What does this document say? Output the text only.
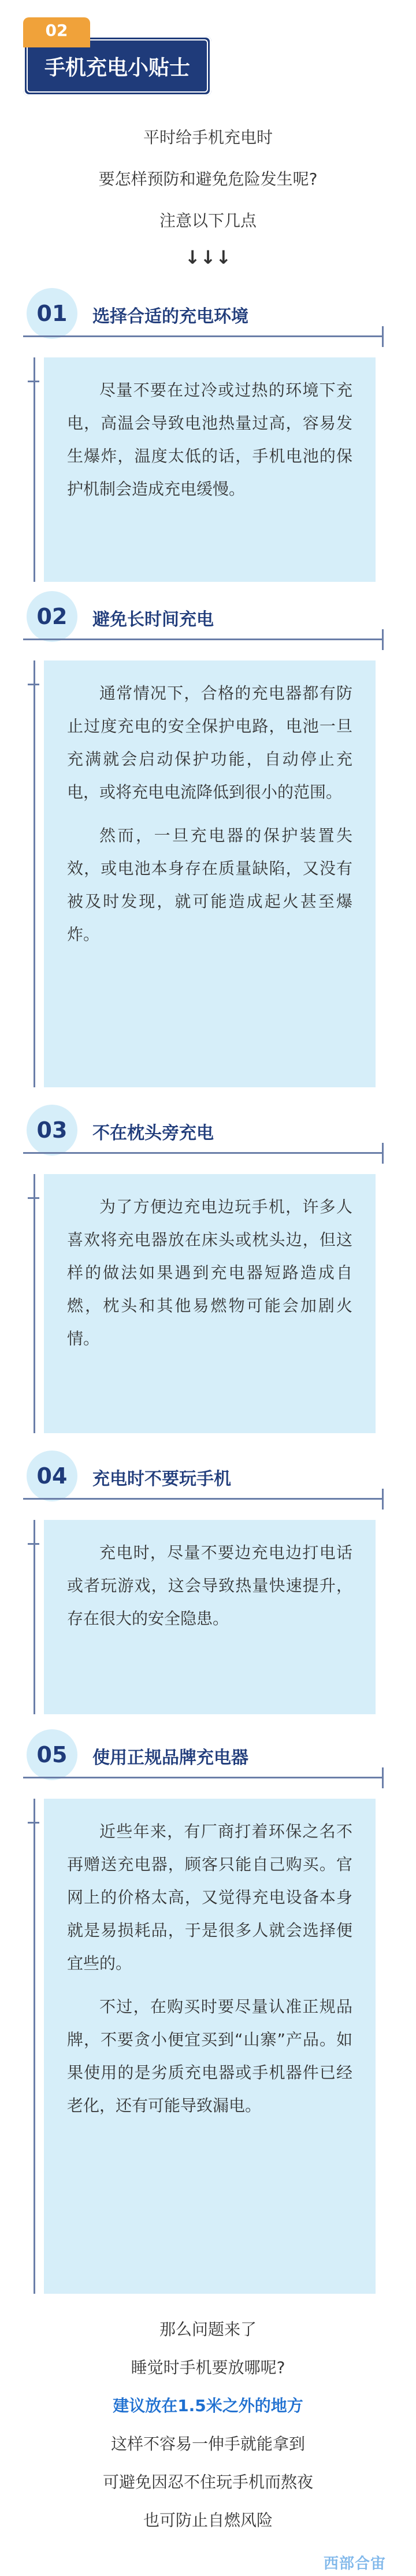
手机充电小贴士
02
平时给手机充电时
要怎样预防和避免危险发生呢?
注意以下几点
↓↓↓
01	选择合适的充电环境

尽量不要在过冷或过热的环境下充电，高温会导致电池热量过高，容易发生爆炸，温度太低的话，手机电池的保护机制会造成充电缓慢。

02	避免长时间充电

通常情况下，合格的充电器都有防止过度充电的安全保护电路，电池一旦充满就会启动保护功能，自动停止充电，或将充电电流降低到很小的范围。

然而，一旦充电器的保护装置失效，或电池本身存在质量缺陷，又没有被及时发现，就可能造成起火甚至爆炸。

03	不在枕头旁充电

为了方便边充电边玩手机，许多人喜欢将充电器放在床头或枕头边，但这样的做法如果遇到充电器短路造成自燃，枕头和其他易燃物可能会加剧火情。

04	充电时不要玩手机

充电时，尽量不要边充电边打电话或者玩游戏，这会导致热量快速提升，存在很大的安全隐患。

05	使用正规品牌充电器

近些年来，有厂商打着环保之名不再赠送充电器，顾客只能自己购买。官网上的价格太高，又觉得充电设备本身就是易损耗品，于是很多人就会选择便宜些的。

不过，在购买时要尽量认准正规品牌，不要贪小便宜买到“山寨”产品。如果使用的是劣质充电器或手机器件已经老化，还有可能导致漏电。

那么问题来了
睡觉时手机要放哪呢?
建议放在1.5米之外的地方
这样不容易一伸手就能拿到
可避免因忍不住玩手机而熬夜
也可防止自燃风险
西部合宙
